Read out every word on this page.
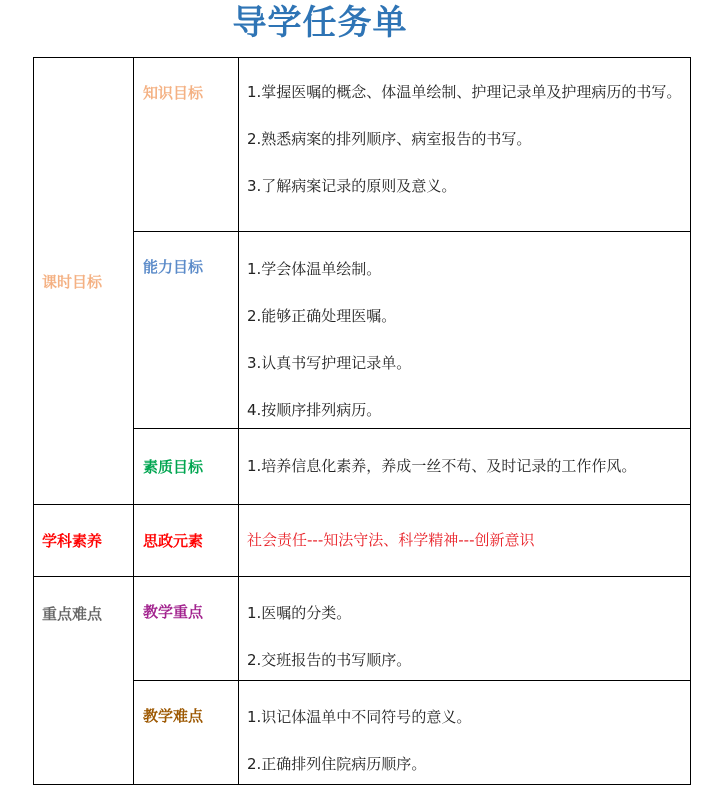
导学任务单
课时目标	知识目标	1.掌握医嘱的概念、体温单绘制、护理记录单及护理病历的书写。

2.熟悉病案的排列顺序、病室报告的书写。

3.了解病案记录的原则及意义。

	能力目标	1.学会体温单绘制。

2.能够正确处理医嘱。

3.认真书写护理记录单。

4.按顺序排列病历。

	素质目标	1.培养信息化素养，养成一丝不苟、及时记录的工作作风。

学科素养	思政元素	社会责任---知法守法、科学精神---创新意识
重点难点	教学重点	1.医嘱的分类。

2.交班报告的书写顺序。

	教学难点	1.识记体温单中不同符号的意义。

2.正确排列住院病历顺序。
